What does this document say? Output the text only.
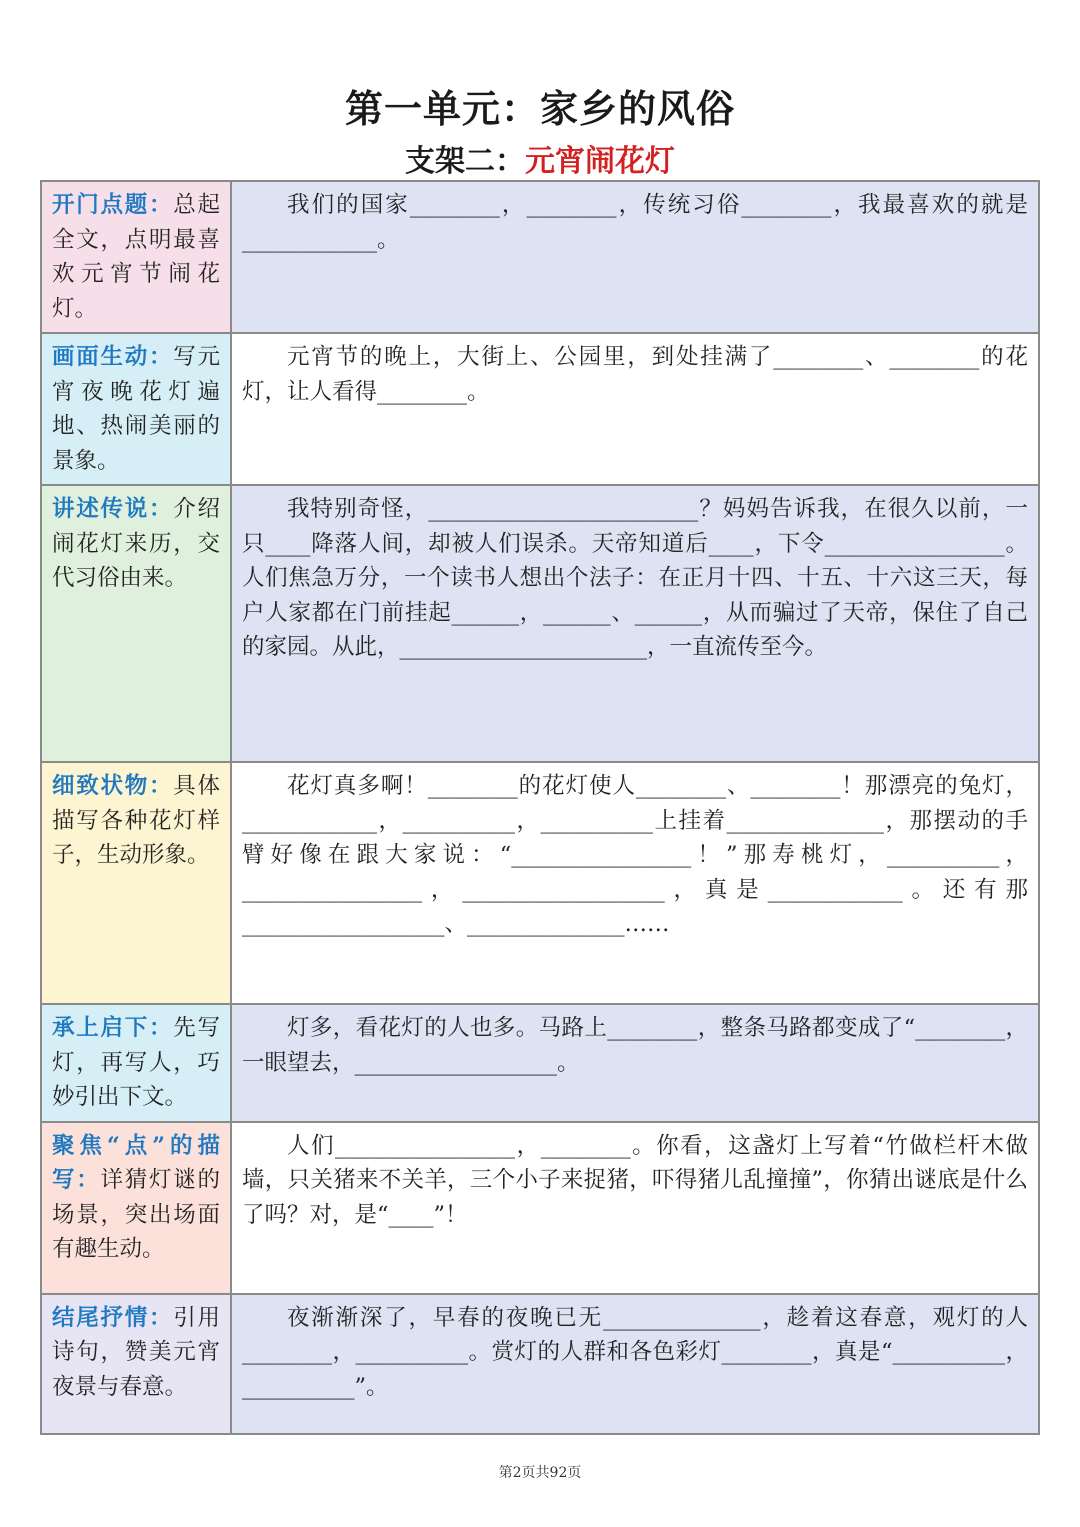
第一单元：家乡的风俗
支架二：元宵闹花灯
开门点题：总起全文，点明最喜欢元宵节闹花灯。	我们的国家________，________，传统习俗________，我最喜欢的就是____________。

画面生动：写元宵夜晚花灯遍地、热闹美丽的景象。	元宵节的晚上，大街上、公园里，到处挂满了________、________的花灯，让人看得________。

讲述传说：介绍闹花灯来历，交代习俗由来。	我特别奇怪，________________________？妈妈告诉我，在很久以前，一只____降落人间，却被人们误杀。天帝知道后____，下令________________。人们焦急万分，一个读书人想出个法子：在正月十四、十五、十六这三天，每户人家都在门前挂起______，______、______，从而骗过了天帝，保住了自己的家园。从此，______________________，一直流传至今。

细致状物：具体描写各种花灯样子，生动形象。	花灯真多啊！________的花灯使人________、________！那漂亮的兔灯，____________，__________，__________上挂着______________，那摆动的手臂好像在跟大家说：“________________！”那寿桃灯，__________，________________，__________________，真是____________。还有那__________________、______________……

承上启下：先写灯，再写人，巧妙引出下文。	灯多，看花灯的人也多。马路上________，整条马路都变成了“________，一眼望去，__________________。

聚焦“点”的描写：详猜灯谜的场景，突出场面有趣生动。	人们________________，________。你看，这盏灯上写着“竹做栏杆木做墙，只关猪来不关羊，三个小子来捉猪，吓得猪儿乱撞撞”，你猜出谜底是什么了吗？对，是“____”！

结尾抒情：引用诗句，赞美元宵夜景与春意。	夜渐渐深了，早春的夜晚已无______________，趁着这春意，观灯的人________，__________。赏灯的人群和各色彩灯________，真是“__________，__________”。

第2页共92页
